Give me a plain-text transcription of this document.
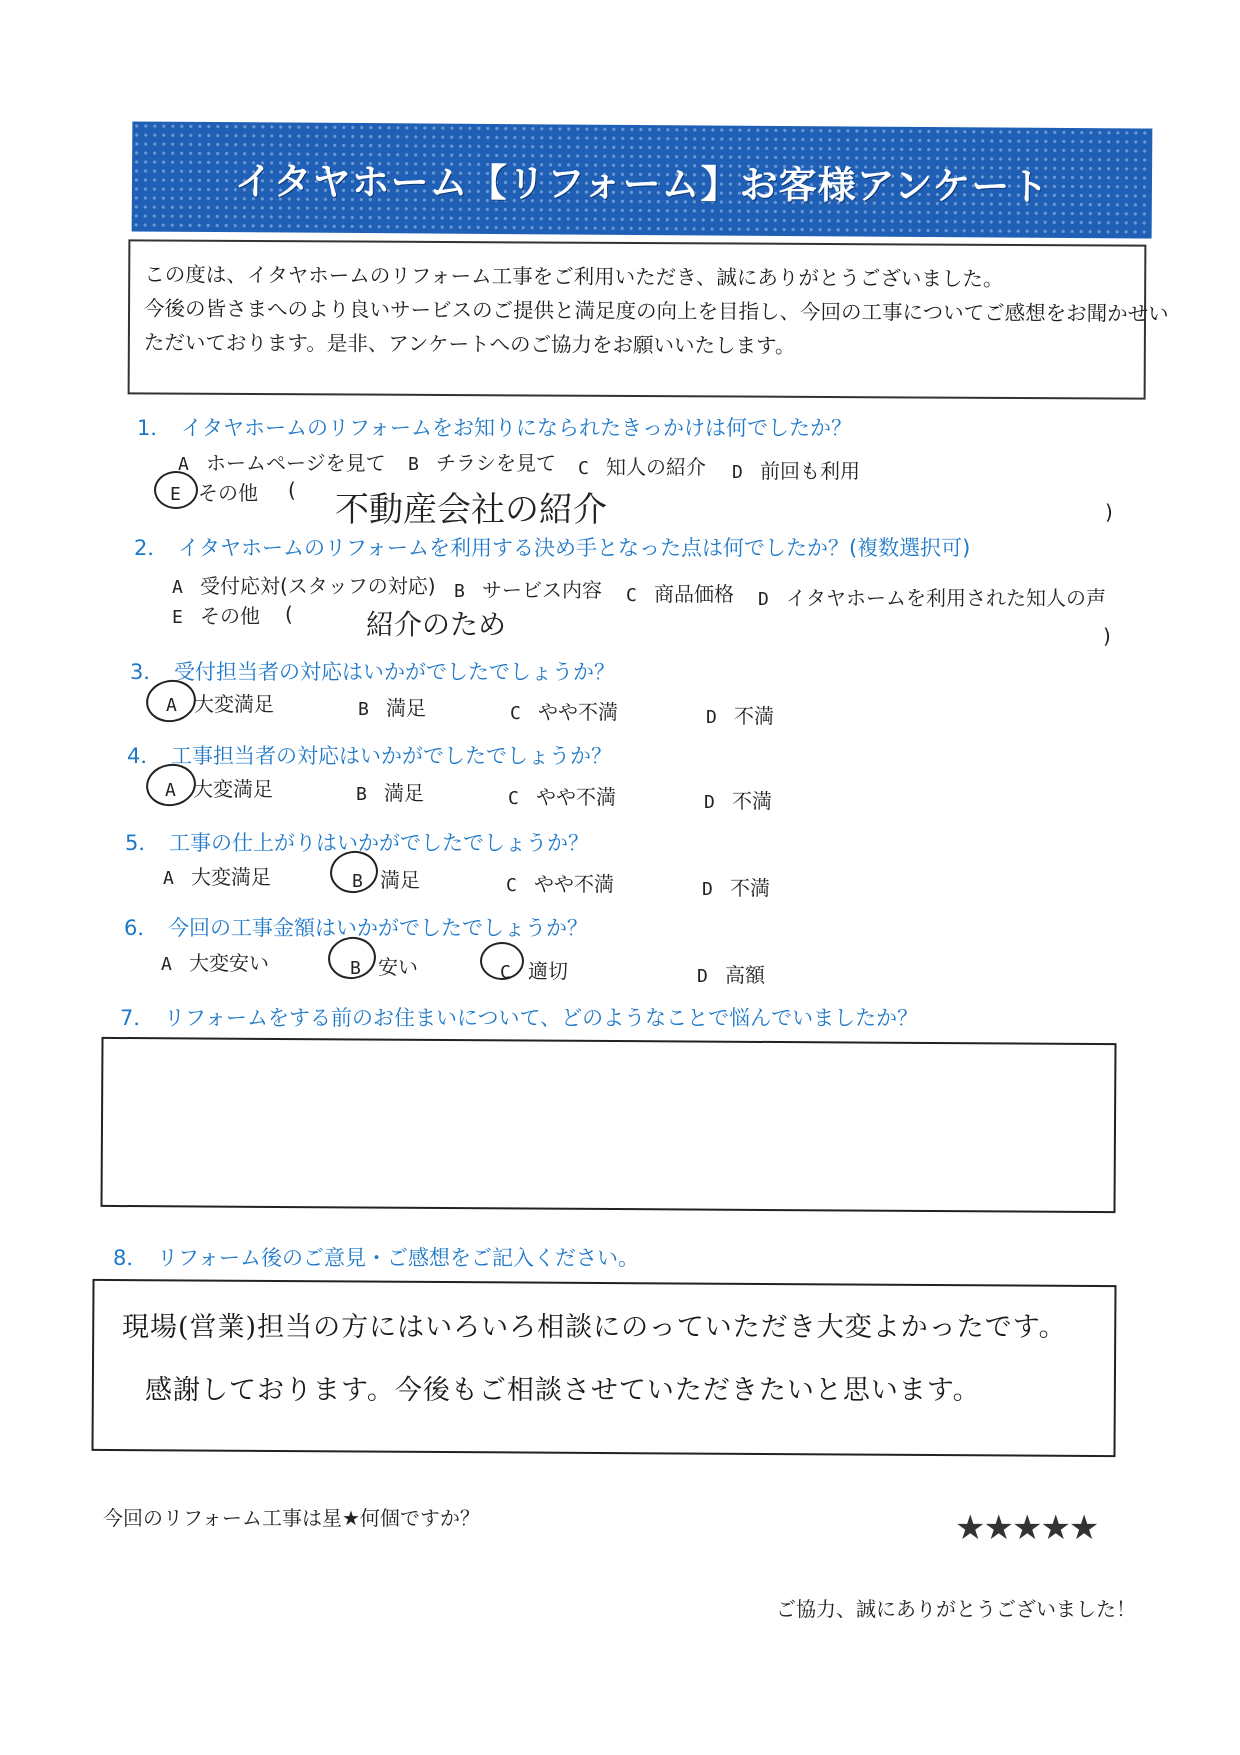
イタヤホーム【リフォーム】お客様アンケート

この度は、イタヤホームのリフォーム工事をご利用いただき、誠にありがとうございました。

今後の皆さまへのより良いサービスのご提供と満足度の向上を目指し、今回の工事についてご感想をお聞かせい

ただいております。是非、アンケートへのご協力をお願いいたします。

1． イタヤホームのリフォームをお知りになられたきっかけは何でしたか？
A ホームページを見て B チラシを見て C 知人の紹介 D 前回も利用
E その他 ( 不動産会社の紹介	)
2． イタヤホームのリフォームを利用する決め手となった点は何でしたか？(複数選択可)
A 受付応対(スタッフの対応) B サービス内容 C 商品価格 D イタヤホームを利用された知人の声
E その他 (	紹介のため	)
3． 受付担当者の対応はいかがでしたでしょうか？
A 大変満足	B 満足	C やや不満	D 不満
4． 工事担当者の対応はいかがでしたでしょうか？
A 大変満足	B 満足	C やや不満	D 不満
5． 工事の仕上がりはいかがでしたでしょうか？
A 大変満足	B 満足	C やや不満	D 不満
6． 今回の工事金額はいかがでしたでしょうか？
A 大変安い	B 安い	C 適切	D 高額
7． リフォームをする前のお住まいについて、どのようなことで悩んでいましたか？
8． リフォーム後のご意見・ご感想をご記入ください。
現場(営業)担当の方にはいろいろ相談にのっていただき大変よかったです。
感謝しております。今後もご相談させていただきたいと思います。
今回のリフォーム工事は星★何個ですか？	★★★★★
ご協力、誠にありがとうございました！
